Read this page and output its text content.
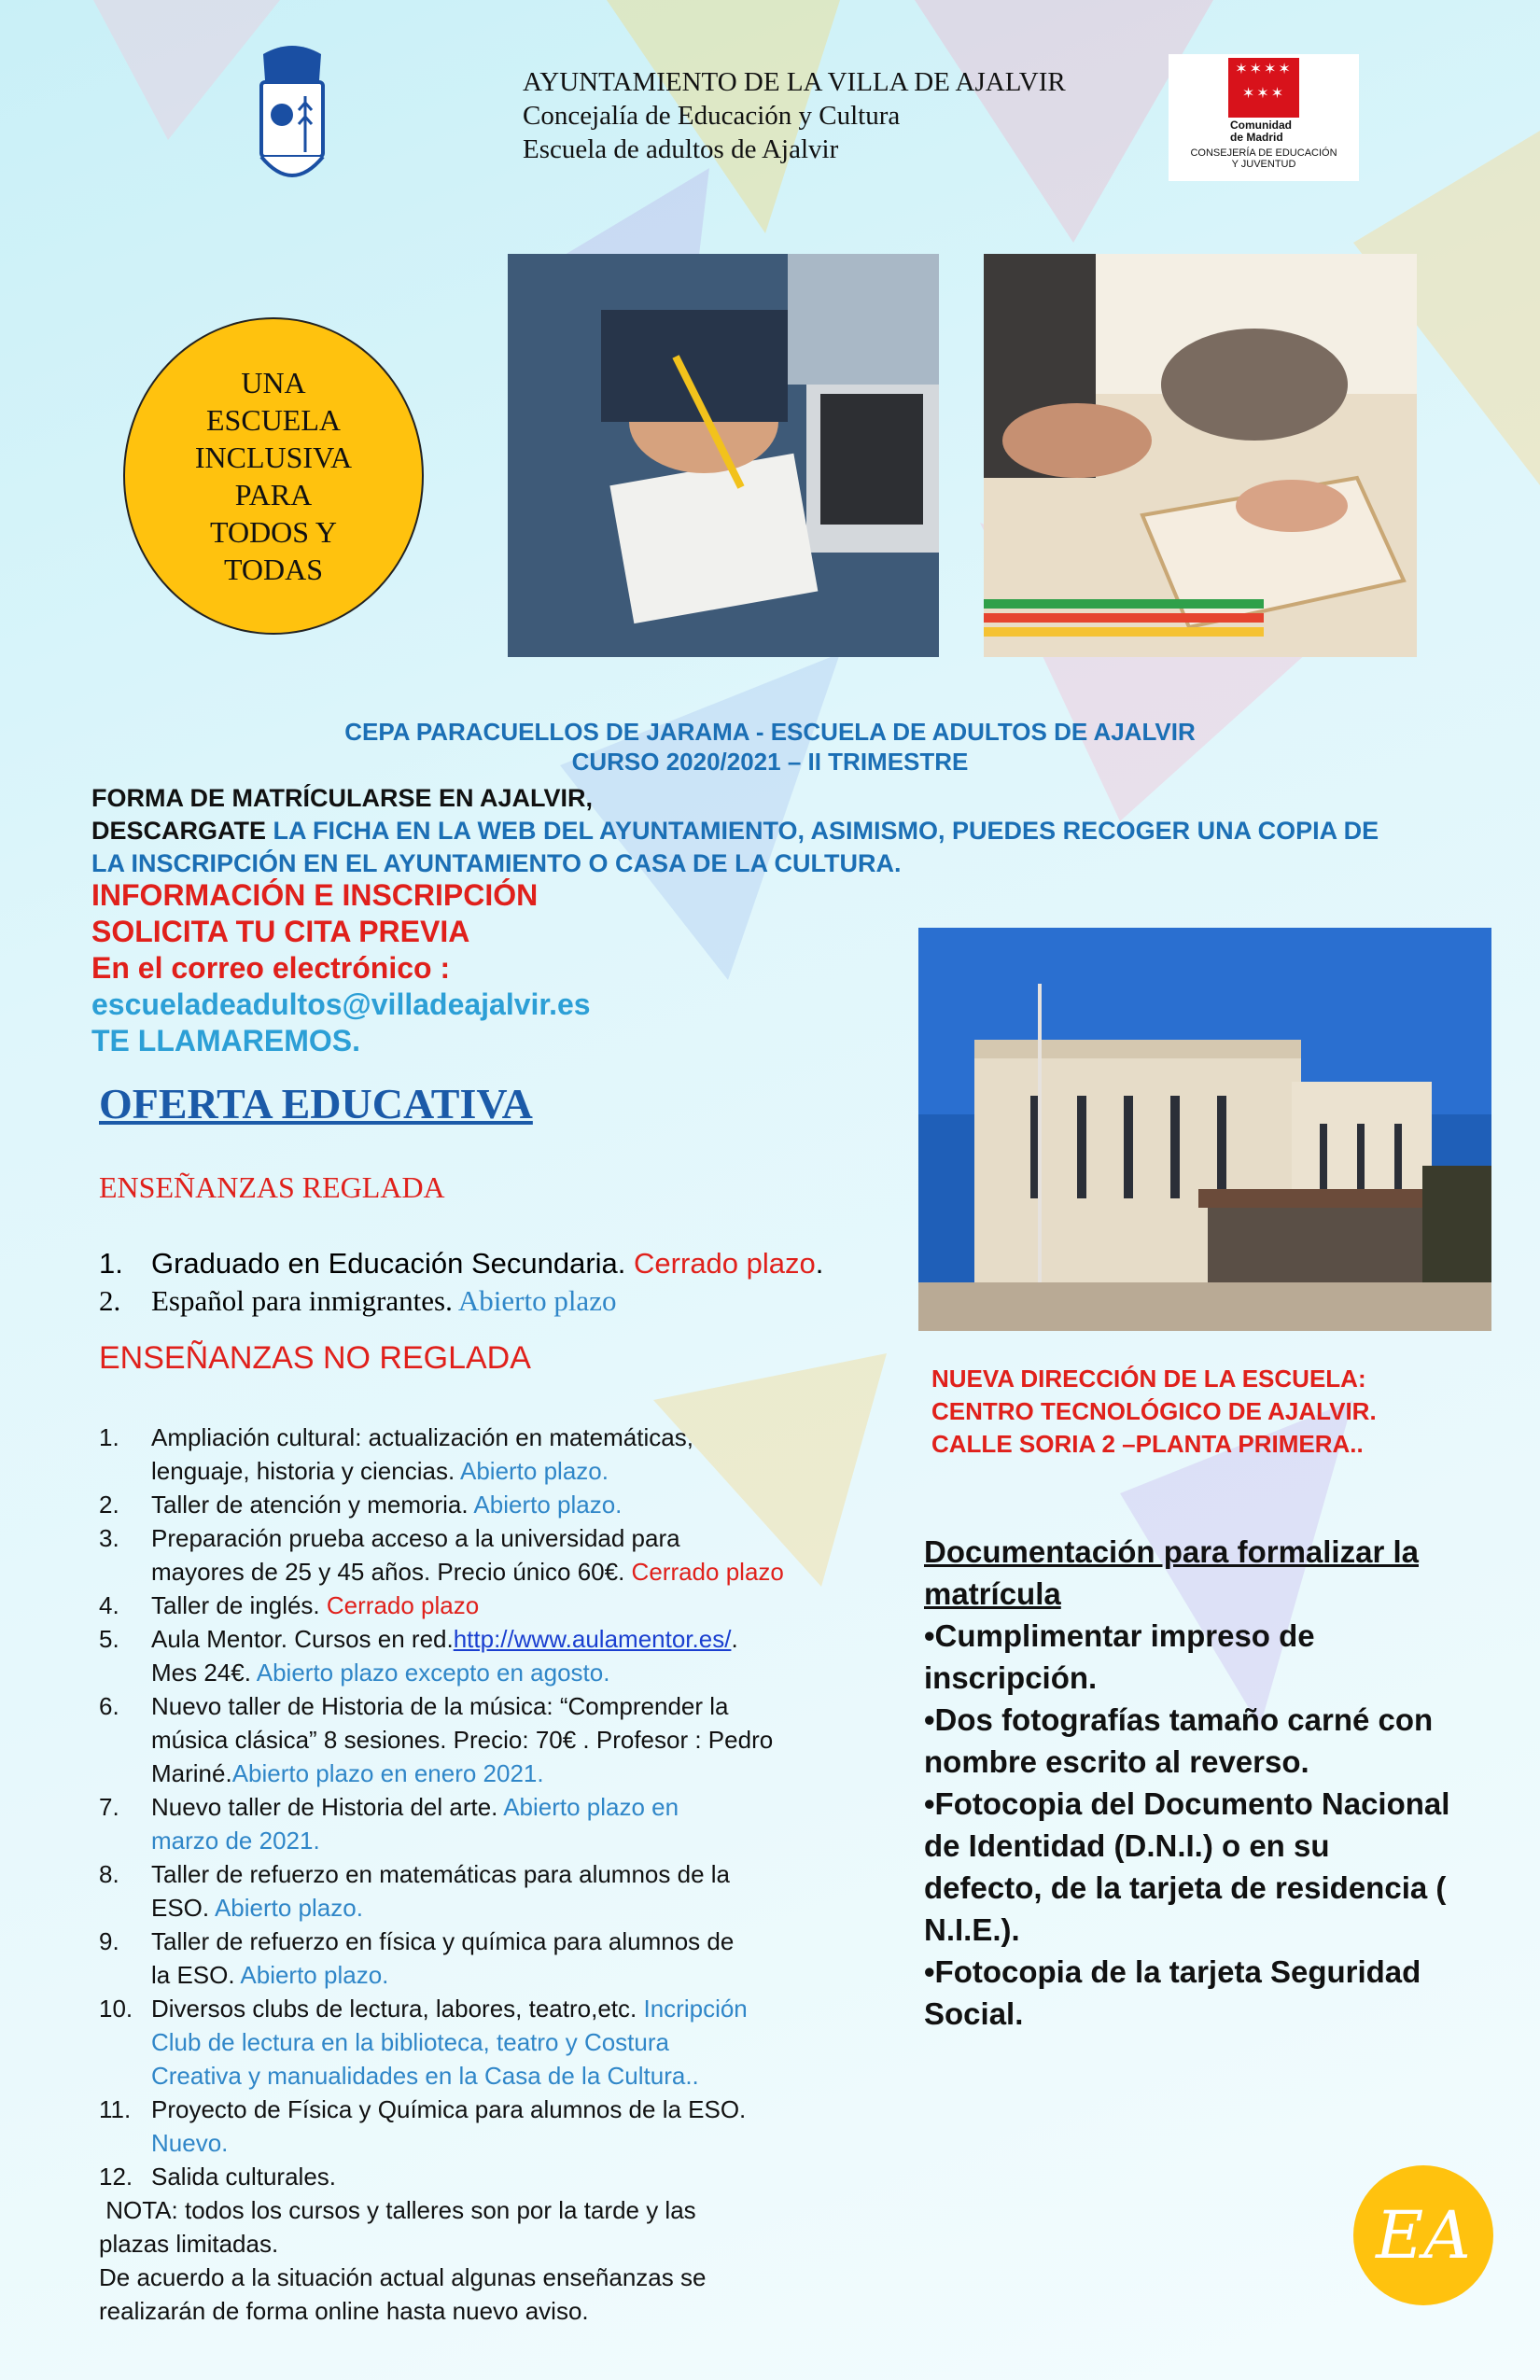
AYUNTAMIENTO DE LA VILLA DE AJALVIR
Concejalía de Educación y Cultura
Escuela de adultos de Ajalvir
✶✶✶✶
✶✶✶
Comunidad
de Madrid
CONSEJERÍA DE EDUCACIÓN
Y JUVENTUD
UNA
ESCUELA
INCLUSIVA
PARA
TODOS Y
TODAS
CEPA PARACUELLOS DE JARAMA - ESCUELA DE ADULTOS DE AJALVIR
CURSO 2020/2021 – II TRIMESTRE
FORMA DE MATRÍCULARSE EN AJALVIR,
DESCARGATE LA FICHA EN LA WEB DEL AYUNTAMIENTO, ASIMISMO, PUEDES RECOGER UNA COPIA DE
LA INSCRIPCIÓN EN EL AYUNTAMIENTO O CASA DE LA CULTURA.
INFORMACIÓN E INSCRIPCIÓN
SOLICITA TU CITA PREVIA
En el correo electrónico :
escueladeadultos@villadeajalvir.es
TE LLAMAREMOS.
OFERTA EDUCATIVA
ENSEÑANZAS REGLADA
1. Graduado en Educación Secundaria. Cerrado plazo.
2. Español para inmigrantes. Abierto plazo
ENSEÑANZAS NO REGLADA
1. Ampliación cultural: actualización en matemáticas,
lenguaje, historia y ciencias. Abierto plazo.
2. Taller de atención y memoria. Abierto plazo.
3. Preparación prueba acceso a la universidad para
mayores de 25 y 45 años. Precio único 60€. Cerrado plazo
4. Taller de inglés. Cerrado plazo
5. Aula Mentor. Cursos en red.http://www.aulamentor.es/.
Mes 24€. Abierto plazo excepto en agosto.
6. Nuevo taller de Historia de la música: “Comprender la
música clásica” 8 sesiones. Precio: 70€ . Profesor : Pedro
Mariné.Abierto plazo en enero 2021.
7. Nuevo taller de Historia del arte. Abierto plazo en
marzo de 2021.
8. Taller de refuerzo en matemáticas para alumnos de la
ESO. Abierto plazo.
9. Taller de refuerzo en física y química para alumnos de
la ESO. Abierto plazo.
10. Diversos clubs de lectura, labores, teatro,etc. Incripción
Club de lectura en la biblioteca, teatro y Costura
Creativa y manualidades en la Casa de la Cultura..
11. Proyecto de Física y Química para alumnos de la ESO.
Nuevo.
12. Salida culturales.
NOTA: todos los cursos y talleres son por la tarde y las
plazas limitadas.
De acuerdo a la situación actual algunas enseñanzas se
realizarán de forma online hasta nuevo aviso.
NUEVA DIRECCIÓN DE LA ESCUELA:
CENTRO TECNOLÓGICO DE AJALVIR.
CALLE SORIA 2 –PLANTA PRIMERA..
Documentación para formalizar la
matrícula
•Cumplimentar impreso de inscripción.
•Dos fotografías tamaño carné con nombre escrito al reverso.
•Fotocopia del Documento Nacional de Identidad (D.N.I.) o en su defecto, de la tarjeta de residencia ( N.I.E.).
•Fotocopia de la tarjeta Seguridad Social.
EA
